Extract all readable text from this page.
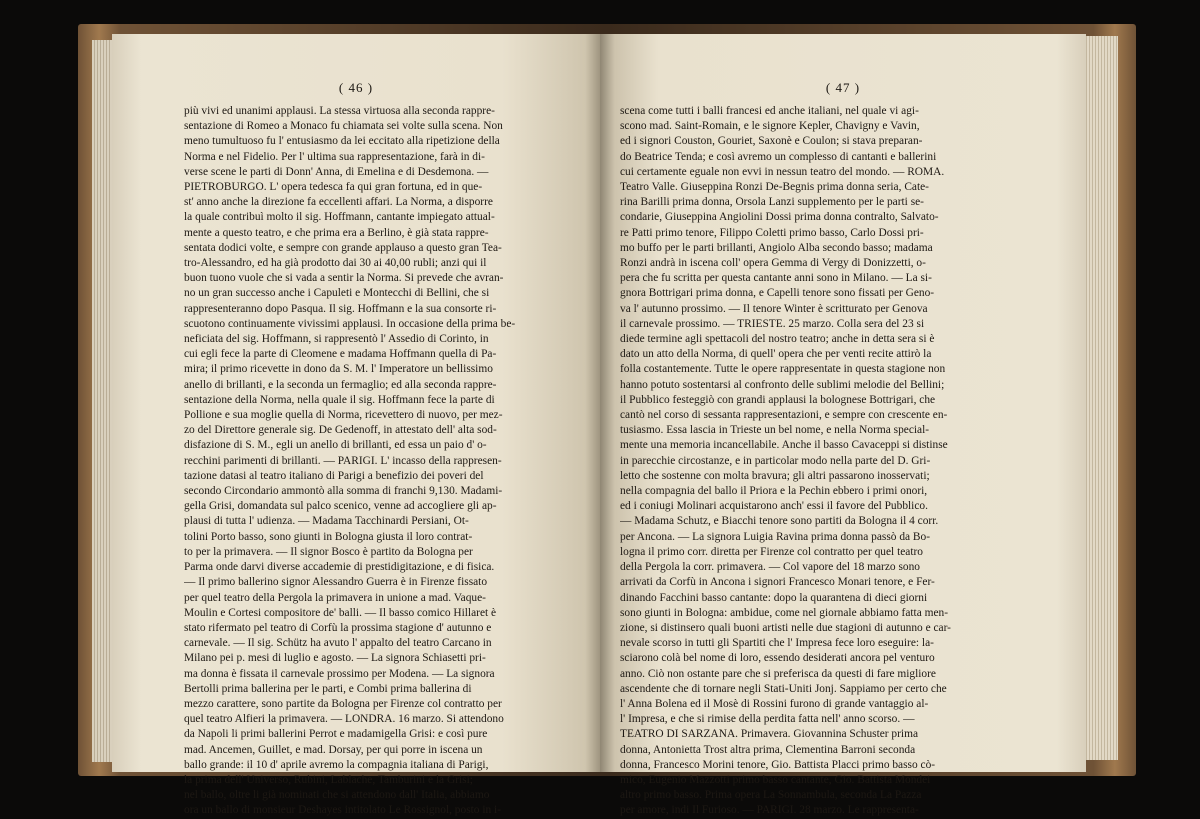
( 46 )
più vivi ed unanimi applausi. La stessa virtuosa alla seconda rappre-
sentazione di Romeo a Monaco fu chiamata sei volte sulla scena. Non
meno tumultuoso fu l' entusiasmo da lei eccitato alla ripetizione della
Norma e nel Fidelio. Per l' ultima sua rappresentazione, farà in di-
verse scene le parti di Donn' Anna, di Emelina e di Desdemona. —
PIETROBURGO. L' opera tedesca fa qui gran fortuna, ed in que-
st' anno anche la direzione fa eccellenti affari. La Norma, a disporre
la quale contribuì molto il sig. Hoffmann, cantante impiegato attual-
mente a questo teatro, e che prima era a Berlino, è già stata rappre-
sentata dodici volte, e sempre con grande applauso a questo gran Tea-
tro-Alessandro, ed ha già prodotto dai 30 ai 40,00 rubli; anzi qui il
buon tuono vuole che si vada a sentir la Norma. Si prevede che avran-
no un gran successo anche i Capuleti e Montecchi di Bellini, che si
rappresenteranno dopo Pasqua. Il sig. Hoffmann e la sua consorte ri-
scuotono continuamente vivissimi applausi. In occasione della prima be-
neficiata del sig. Hoffmann, si rappresentò l' Assedio di Corinto, in
cui egli fece la parte di Cleomene e madama Hoffmann quella di Pa-
mira; il primo ricevette in dono da S. M. l' Imperatore un bellissimo
anello di brillanti, e la seconda un fermaglio; ed alla seconda rappre-
sentazione della Norma, nella quale il sig. Hoffmann fece la parte di
Pollione e sua moglie quella di Norma, ricevettero di nuovo, per mez-
zo del Direttore generale sig. De Gedenoff, in attestato dell' alta sod-
disfazione di S. M., egli un anello di brillanti, ed essa un paio d' o-
recchini parimenti di brillanti. — PARIGI. L' incasso della rappresen-
tazione datasi al teatro italiano di Parigi a benefizio dei poveri del
secondo Circondario ammontò alla somma di franchi 9,130. Madami-
gella Grisi, domandata sul palco scenico, venne ad accogliere gli ap-
plausi di tutta l' udienza. — Madama Tacchinardi Persiani, Ot-
tolini Porto basso, sono giunti in Bologna giusta il loro contrat-
to per la primavera. — Il signor Bosco è partito da Bologna per
Parma onde darvi diverse accademie di prestidigitazione, e di fisica.
— Il primo ballerino signor Alessandro Guerra è in Firenze fissato
per quel teatro della Pergola la primavera in unione a mad. Vaque-
Moulin e Cortesi compositore de' balli. — Il basso comico Hillaret è
stato rifermato pel teatro di Corfù la prossima stagione d' autunno e
carnevale. — Il sig. Schütz ha avuto l' appalto del teatro Carcano in
Milano pei p. mesi di luglio e agosto. — La signora Schiasetti pri-
ma donna è fissata il carnevale prossimo per Modena. — La signora
Bertolli prima ballerina per le parti, e Combi prima ballerina di
mezzo carattere, sono partite da Bologna per Firenze col contratto per
quel teatro Alfieri la primavera. — LONDRA. 16 marzo. Si attendono
da Napoli li primi ballerini Perrot e madamigella Grisi: e così pure
mad. Ancemen, Guillet, e mad. Dorsay, per qui porre in iscena un
ballo grande: il 10 d' aprile avremo la compagnia italiana di Parigi,
la prima dell' Universo, Rubini, Lablache, Tamburini e la Grisi;
nel ballo, oltre li già nominati che si attendono dall' Italia, abbiamo
ora un ballo di monsieur Deshayes intitolato Le Rossignol, posto in i-
( 47 )
scena come tutti i balli francesi ed anche italiani, nel quale vi agi-
scono mad. Saint-Romain, e le signore Kepler, Chavigny e Vavin,
ed i signori Couston, Gouriet, Saxonè e Coulon; si stava preparan-
do Beatrice Tenda; e così avremo un complesso di cantanti e ballerini
cui certamente eguale non evvi in nessun teatro del mondo. — ROMA.
Teatro Valle. Giuseppina Ronzi De-Begnis prima donna seria, Cate-
rina Barilli prima donna, Orsola Lanzi supplemento per le parti se-
condarie, Giuseppina Angiolini Dossi prima donna contralto, Salvato-
re Patti primo tenore, Filippo Coletti primo basso, Carlo Dossi pri-
mo buffo per le parti brillanti, Angiolo Alba secondo basso; madama
Ronzi andrà in iscena coll' opera Gemma di Vergy di Donizzetti, o-
pera che fu scritta per questa cantante anni sono in Milano. — La si-
gnora Bottrigari prima donna, e Capelli tenore sono fissati per Geno-
va l' autunno prossimo. — Il tenore Winter è scritturato per Genova
il carnevale prossimo. — TRIESTE. 25 marzo. Colla sera del 23 si
diede termine agli spettacoli del nostro teatro; anche in detta sera si è
dato un atto della Norma, di quell' opera che per venti recite attirò la
folla costantemente. Tutte le opere rappresentate in questa stagione non
hanno potuto sostentarsi al confronto delle sublimi melodie del Bellini;
il Pubblico festeggiò con grandi applausi la bolognese Bottrigari, che
cantò nel corso di sessanta rappresentazioni, e sempre con crescente en-
tusiasmo. Essa lascia in Trieste un bel nome, e nella Norma special-
mente una memoria incancellabile. Anche il basso Cavaceppi si distinse
in parecchie circostanze, e in particolar modo nella parte del D. Gri-
letto che sostenne con molta bravura; gli altri passarono inosservati;
nella compagnia del ballo il Priora e la Pechin ebbero i primi onori,
ed i coniugi Molinari acquistarono anch' essi il favore del Pubblico.
— Madama Schutz, e Biacchi tenore sono partiti da Bologna il 4 corr.
per Ancona. — La signora Luigia Ravina prima donna passò da Bo-
logna il primo corr. diretta per Firenze col contratto per quel teatro
della Pergola la corr. primavera. — Col vapore del 18 marzo sono
arrivati da Corfù in Ancona i signori Francesco Monari tenore, e Fer-
dinando Facchini basso cantante: dopo la quarantena di dieci giorni
sono giunti in Bologna: ambidue, come nel giornale abbiamo fatta men-
zione, si distinsero quali buoni artisti nelle due stagioni di autunno e car-
nevale scorso in tutti gli Spartiti che l' Impresa fece loro eseguire: la-
sciarono colà bel nome di loro, essendo desiderati ancora pel venturo
anno. Ciò non ostante pare che si preferisca da questi di fare migliore
ascendente che di tornare negli Stati-Uniti Jonj. Sappiamo per certo che
l' Anna Bolena ed il Mosè di Rossini furono di grande vantaggio al-
l' Impresa, e che si rimise della perdita fatta nell' anno scorso. —
TEATRO DI SARZANA. Primavera. Giovannina Schuster prima
donna, Antonietta Trost altra prima, Clementina Barroni seconda
donna, Francesco Morini tenore, Gio. Battista Placci primo basso cò-
mico, Eugenio Mazzotti primo basso cantante, Gio. Battista Mondei
altro primo basso. Prima opera La Sonnambula, seconda La Pazza
per amore, indi Il Furioso. — PARIGI. 28 marzo. Le rappresenta-
